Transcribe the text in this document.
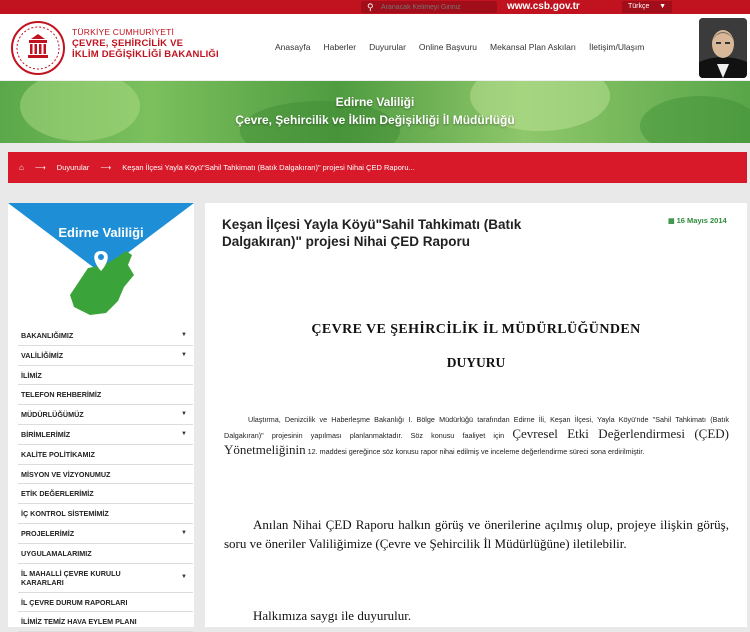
⚲
Aranacak Kelimeyi Giriniz	www.csb.gov.tr	Türkçe ▼
TÜRKİYE CUMHURİYETİ
ÇEVRE, ŞEHİRCİLİK VE
İKLİM DEĞİŞİKLİĞİ BAKANLIĞI
Anasayfa Haberler Duyurular Online Başvuru Mekansal Plan Askıları İletişim/Ulaşım
Edirne Valiliği
Çevre, Şehircilik ve İklim Değişikliği İl Müdürlüğü
⌂ ⟶ Duyurular ⟶ Keşan İlçesi Yayla Köyü"Sahil Tahkimatı (Batık Dalgakıran)" projesi Nihai ÇED Raporu...
Edirne Valiliği
BAKANLIĞIMIZ	▼
VALİLİĞİMİZ	▼
İLİMİZ
TELEFON REHBERİMİZ
MÜDÜRLÜĞÜMÜZ	▼
BİRİMLERİMİZ	▼
KALİTE POLİTİKAMIZ
MİSYON VE VİZYONUMUZ
ETİK DEĞERLERİMİZ
İÇ KONTROL SİSTEMİMİZ
PROJELERİMİZ	▼
UYGULAMALARIMIZ
İL MAHALLİ ÇEVRE KURULU KARARLARI
▼
İL ÇEVRE DURUM RAPORLARI
İLİMİZ TEMİZ HAVA EYLEM PLANI
Keşan İlçesi Yayla Köyü"Sahil Tahkimatı (Batık Dalgakıran)" projesi Nihai ÇED Raporu
▦ 16 Mayıs 2014
ÇEVRE VE ŞEHİRCİLİK İL MÜDÜRLÜĞÜNDEN
DUYURU
Ulaştırma, Denizcilik ve Haberleşme Bakanlığı I. Bölge Müdürlüğü tarafından Edirne İli, Keşan İlçesi, Yayla Köyü'nde "Sahil Tahkimatı (Batık Dalgakıran)" projesinin yapılması planlanmaktadır. Söz konusu faaliyet için Çevresel Etki Değerlendirmesi (ÇED) Yönetmeliğinin 12. maddesi gereğince söz konusu rapor nihai edilmiş ve inceleme değerlendirme süreci sona erdirilmiştir.
Anılan Nihai ÇED Raporu halkın görüş ve önerilerine açılmış olup, projeye ilişkin görüş, soru ve öneriler Valiliğimize (Çevre ve Şehircilik İl Müdürlüğüne) iletilebilir.
Halkımıza saygı ile duyurulur.
